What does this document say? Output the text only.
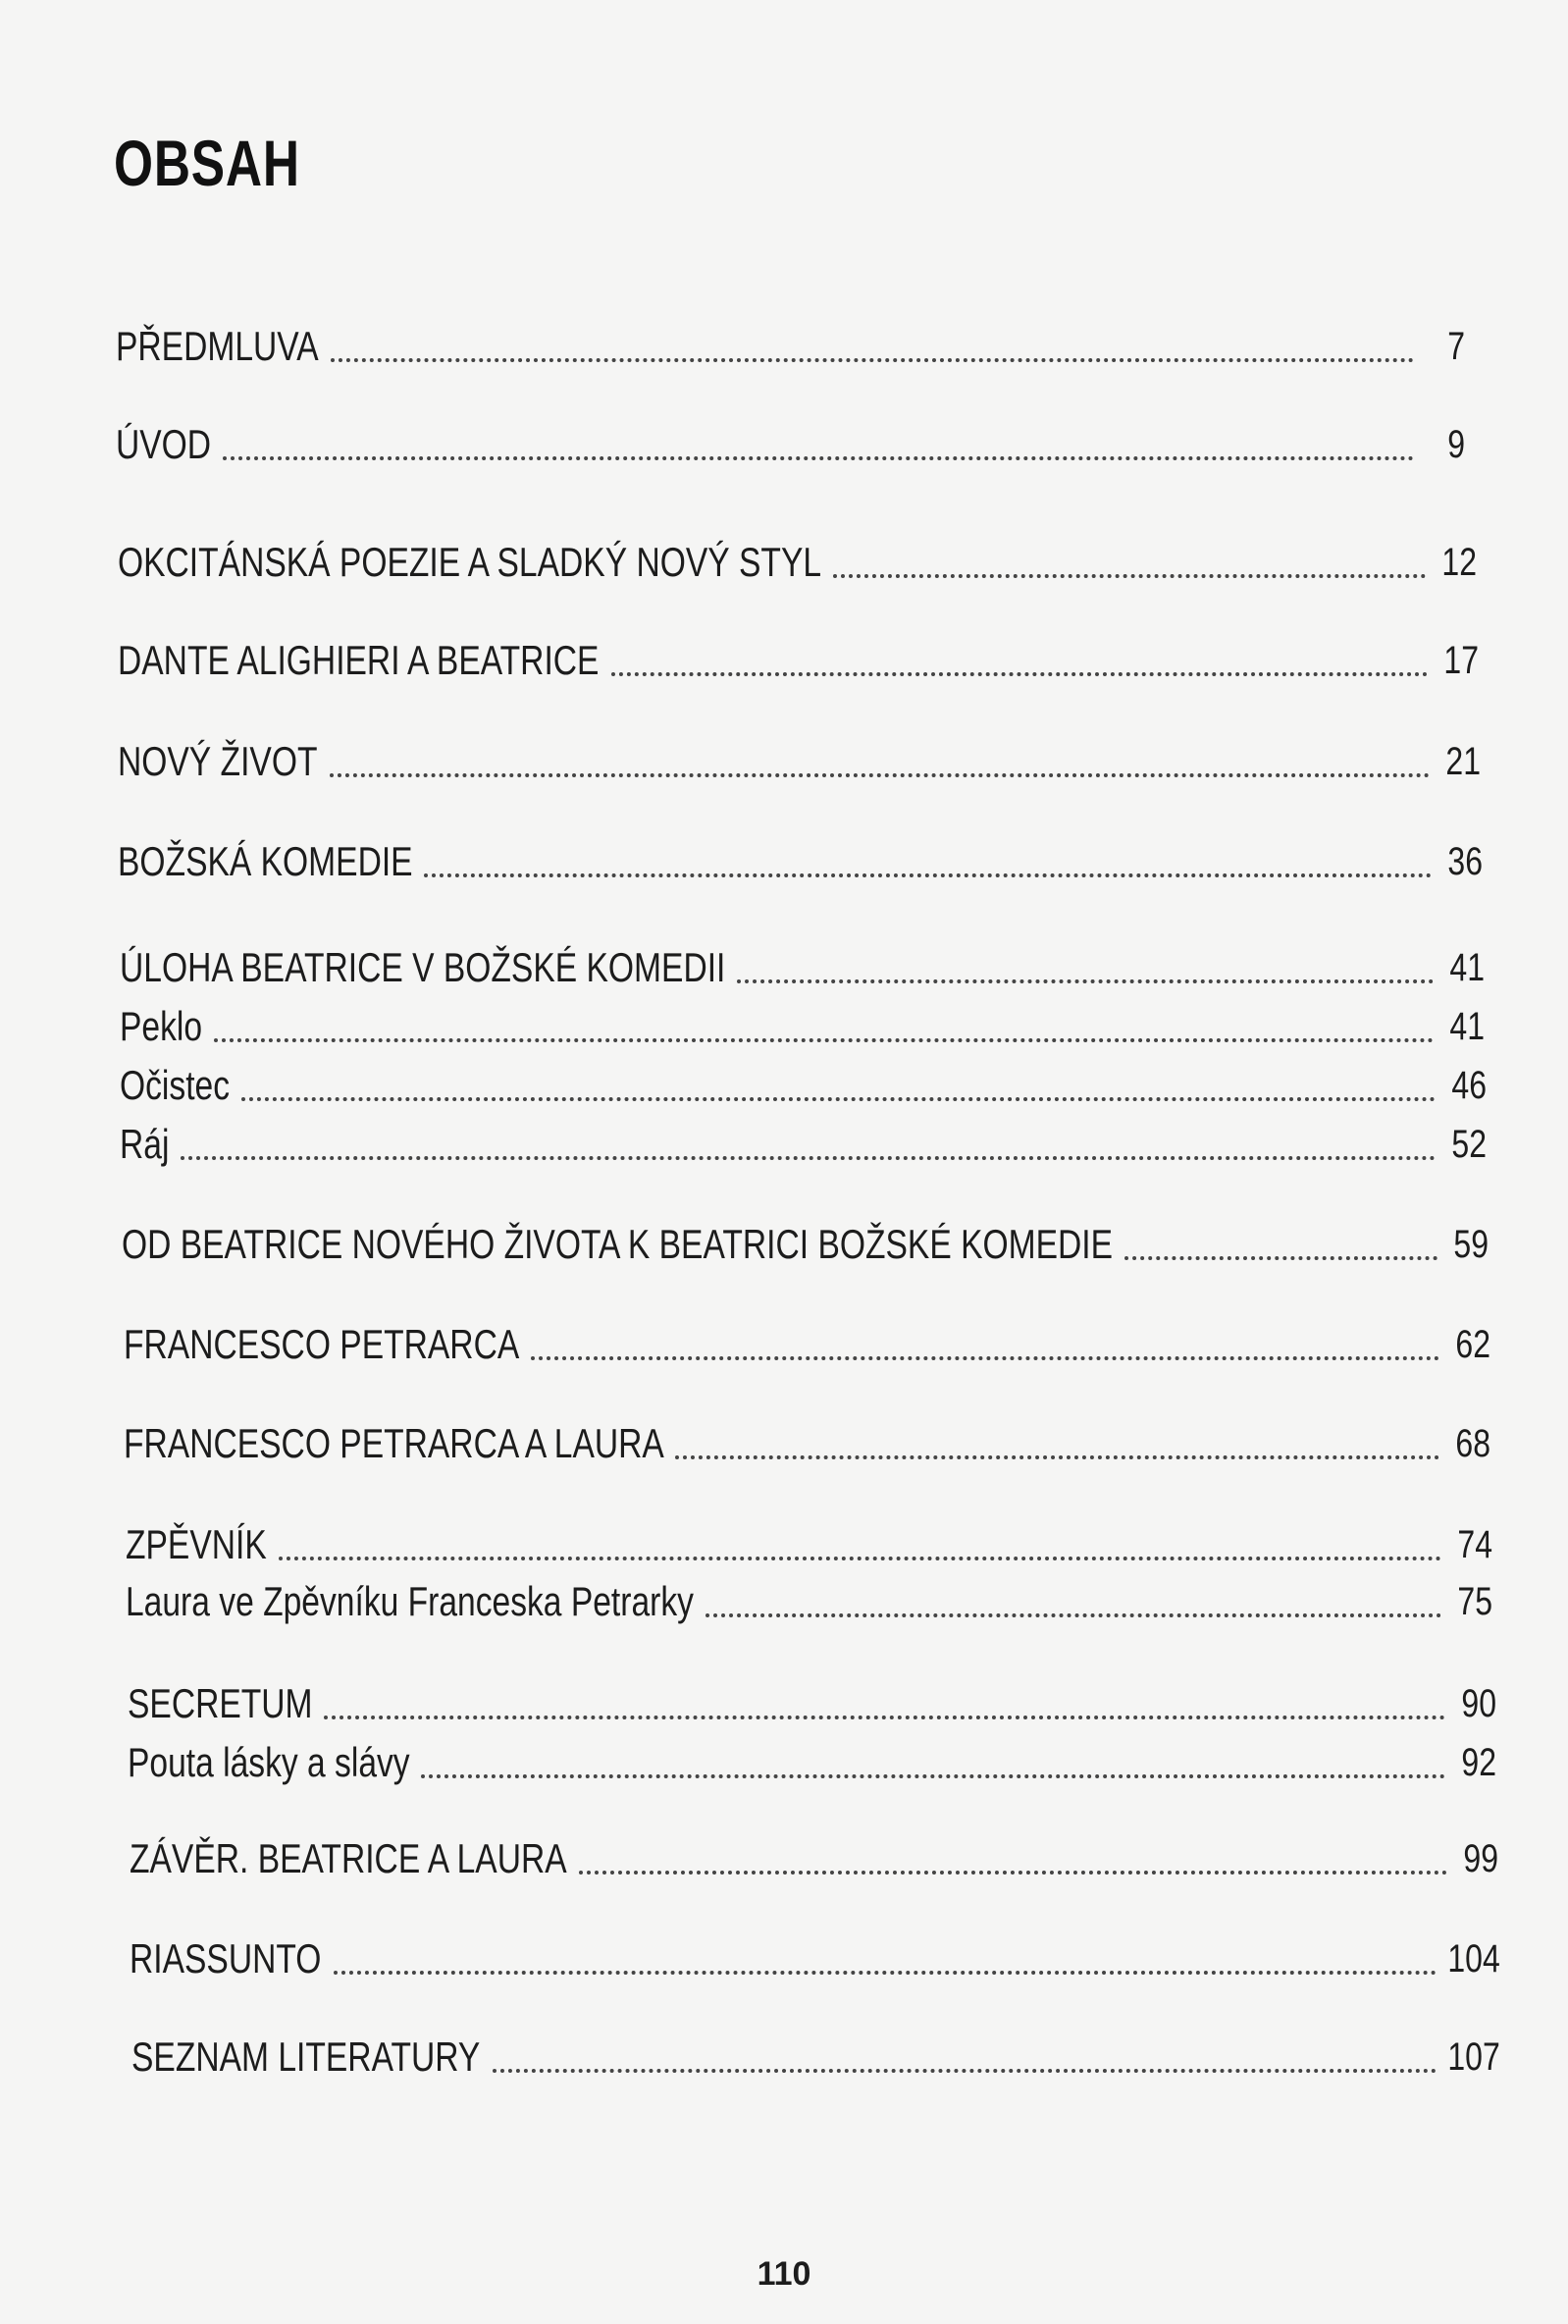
OBSAH
PŘEDMLUVA	7
ÚVOD	9
OKCITÁNSKÁ POEZIE A SLADKÝ NOVÝ STYL	12
DANTE ALIGHIERI A BEATRICE	17
NOVÝ ŽIVOT	21
BOŽSKÁ KOMEDIE	36
ÚLOHA BEATRICE V BOŽSKÉ KOMEDII	41
Peklo	41
Očistec	46
Ráj	52
OD BEATRICE NOVÉHO ŽIVOTA K BEATRICI BOŽSKÉ KOMEDIE	59
FRANCESCO PETRARCA	62
FRANCESCO PETRARCA A LAURA	68
ZPĚVNÍK	74
Laura ve Zpěvníku Franceska Petrarky	75
SECRETUM	90
Pouta lásky a slávy	92
ZÁVĚR. BEATRICE A LAURA	99
RIASSUNTO	104
SEZNAM LITERATURY	107
110
